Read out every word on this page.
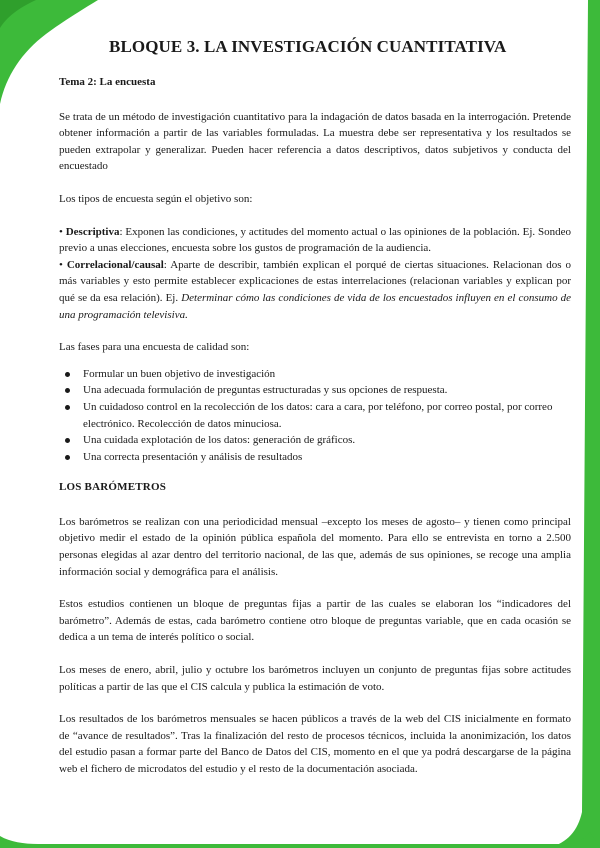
BLOQUE 3. LA INVESTIGACIÓN CUANTITATIVA
Tema 2: La encuesta

Se trata de un método de investigación cuantitativo para la indagación de datos basada en la interrogación. Pretende obtener información a partir de las variables formuladas. La muestra debe ser representativa y los resultados se pueden extrapolar y generalizar. Pueden hacer referencia a datos descriptivos, datos subjetivos y conducta del encuestado

Los tipos de encuesta según el objetivo son:

• Descriptiva: Exponen las condiciones, y actitudes del momento actual o las opiniones de la población. Ej. Sondeo previo a unas elecciones, encuesta sobre los gustos de programación de la audiencia.

• Correlacional/causal: Aparte de describir, también explican el porqué de ciertas situaciones. Relacionan dos o más variables y esto permite establecer explicaciones de estas interrelaciones (relacionan variables y explican por qué se da esa relación). Ej. Determinar cómo las condiciones de vida de los encuestados influyen en el consumo de una programación televisiva.

Las fases para una encuesta de calidad son:

Formular un buen objetivo de investigación
Una adecuada formulación de preguntas estructuradas y sus opciones de respuesta.
Un cuidadoso control en la recolección de los datos: cara a cara, por teléfono, por correo postal, por correo electrónico. Recolección de datos minuciosa.
Una cuidada explotación de los datos: generación de gráficos.
Una correcta presentación y análisis de resultados
LOS BARÓMETROS

Los barómetros se realizan con una periodicidad mensual –excepto los meses de agosto– y tienen como principal objetivo medir el estado de la opinión pública española del momento. Para ello se entrevista en torno a 2.500 personas elegidas al azar dentro del territorio nacional, de las que, además de sus opiniones, se recoge una amplia información social y demográfica para el análisis.

Estos estudios contienen un bloque de preguntas fijas a partir de las cuales se elaboran los “indicadores del barómetro”. Además de estas, cada barómetro contiene otro bloque de preguntas variable, que en cada ocasión se dedica a un tema de interés político o social.

Los meses de enero, abril, julio y octubre los barómetros incluyen un conjunto de preguntas fijas sobre actitudes políticas a partir de las que el CIS calcula y publica la estimación de voto.

Los resultados de los barómetros mensuales se hacen públicos a través de la web del CIS inicialmente en formato de “avance de resultados”. Tras la finalización del resto de procesos técnicos, incluida la anonimización, los datos del estudio pasan a formar parte del Banco de Datos del CIS, momento en el que ya podrá descargarse de la página web el fichero de microdatos del estudio y el resto de la documentación asociada.
